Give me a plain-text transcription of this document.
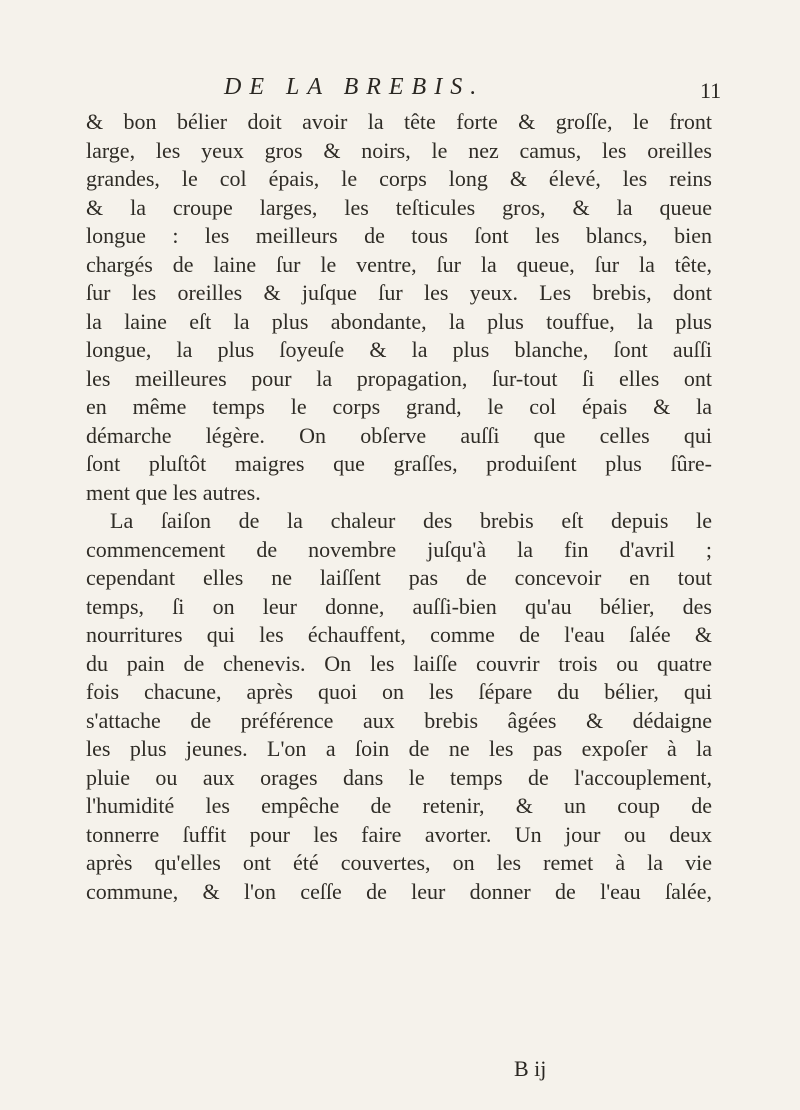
DE LA BREBIS.	11
& bon bélier doit avoir la tête forte & groſſe, le front
large, les yeux gros & noirs, le nez camus, les oreilles
grandes, le col épais, le corps long & élevé, les reins
& la croupe larges, les teſticules gros, & la queue
longue : les meilleurs de tous ſont les blancs, bien
chargés de laine ſur le ventre, ſur la queue, ſur la tête,
ſur les oreilles & juſque ſur les yeux. Les brebis, dont
la laine eſt la plus abondante, la plus touffue, la plus
longue, la plus ſoyeuſe & la plus blanche, ſont auſſi
les meilleures pour la propagation, ſur-tout ſi elles ont
en même temps le corps grand, le col épais & la
démarche légère. On obſerve auſſi que celles qui
ſont pluſtôt maigres que graſſes, produiſent plus ſûre-
ment que les autres.
La ſaiſon de la chaleur des brebis eſt depuis le
commencement de novembre juſqu'à la fin d'avril ;
cependant elles ne laiſſent pas de concevoir en tout
temps, ſi on leur donne, auſſi-bien qu'au bélier, des
nourritures qui les échauffent, comme de l'eau ſalée &
du pain de chenevis. On les laiſſe couvrir trois ou quatre
fois chacune, après quoi on les ſépare du bélier, qui
s'attache de préférence aux brebis âgées & dédaigne
les plus jeunes. L'on a ſoin de ne les pas expoſer à la
pluie ou aux orages dans le temps de l'accouplement,
l'humidité les empêche de retenir, & un coup de
tonnerre ſuffit pour les faire avorter. Un jour ou deux
après qu'elles ont été couvertes, on les remet à la vie
commune, & l'on ceſſe de leur donner de l'eau ſalée,
B ij
